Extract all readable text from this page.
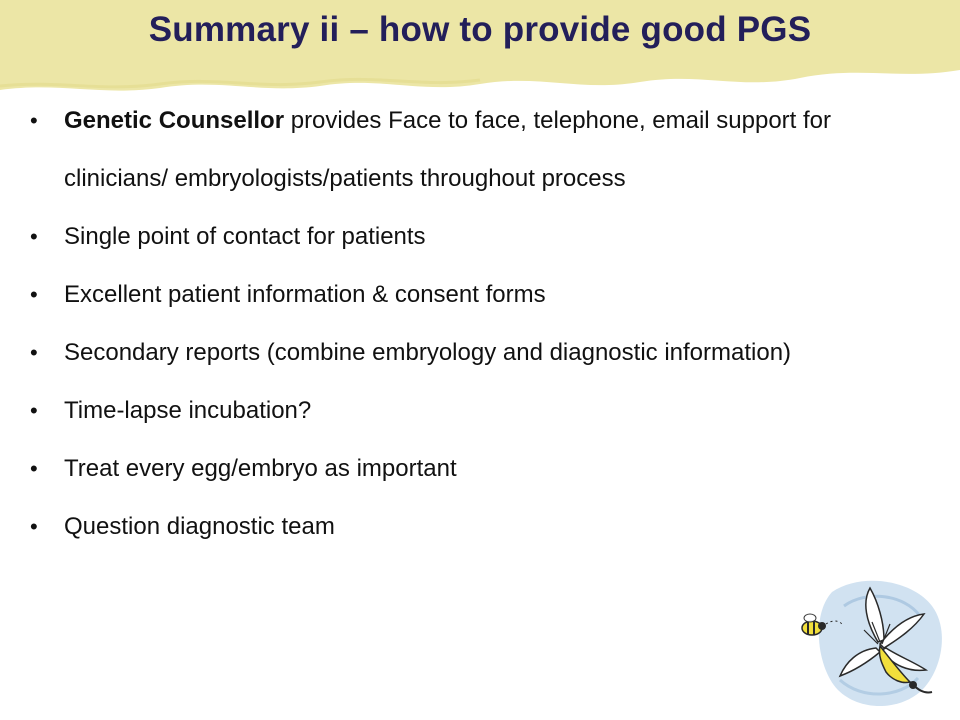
Summary ii – how to provide good PGS
• Genetic Counsellor provides Face to face, telephone, email support for clinicians/ embryologists/patients throughout process
• Single point of contact for patients
• Excellent patient information & consent forms
• Secondary reports (combine embryology and diagnostic information)
• Time-lapse incubation?
• Treat every egg/embryo as important
• Question diagnostic team
